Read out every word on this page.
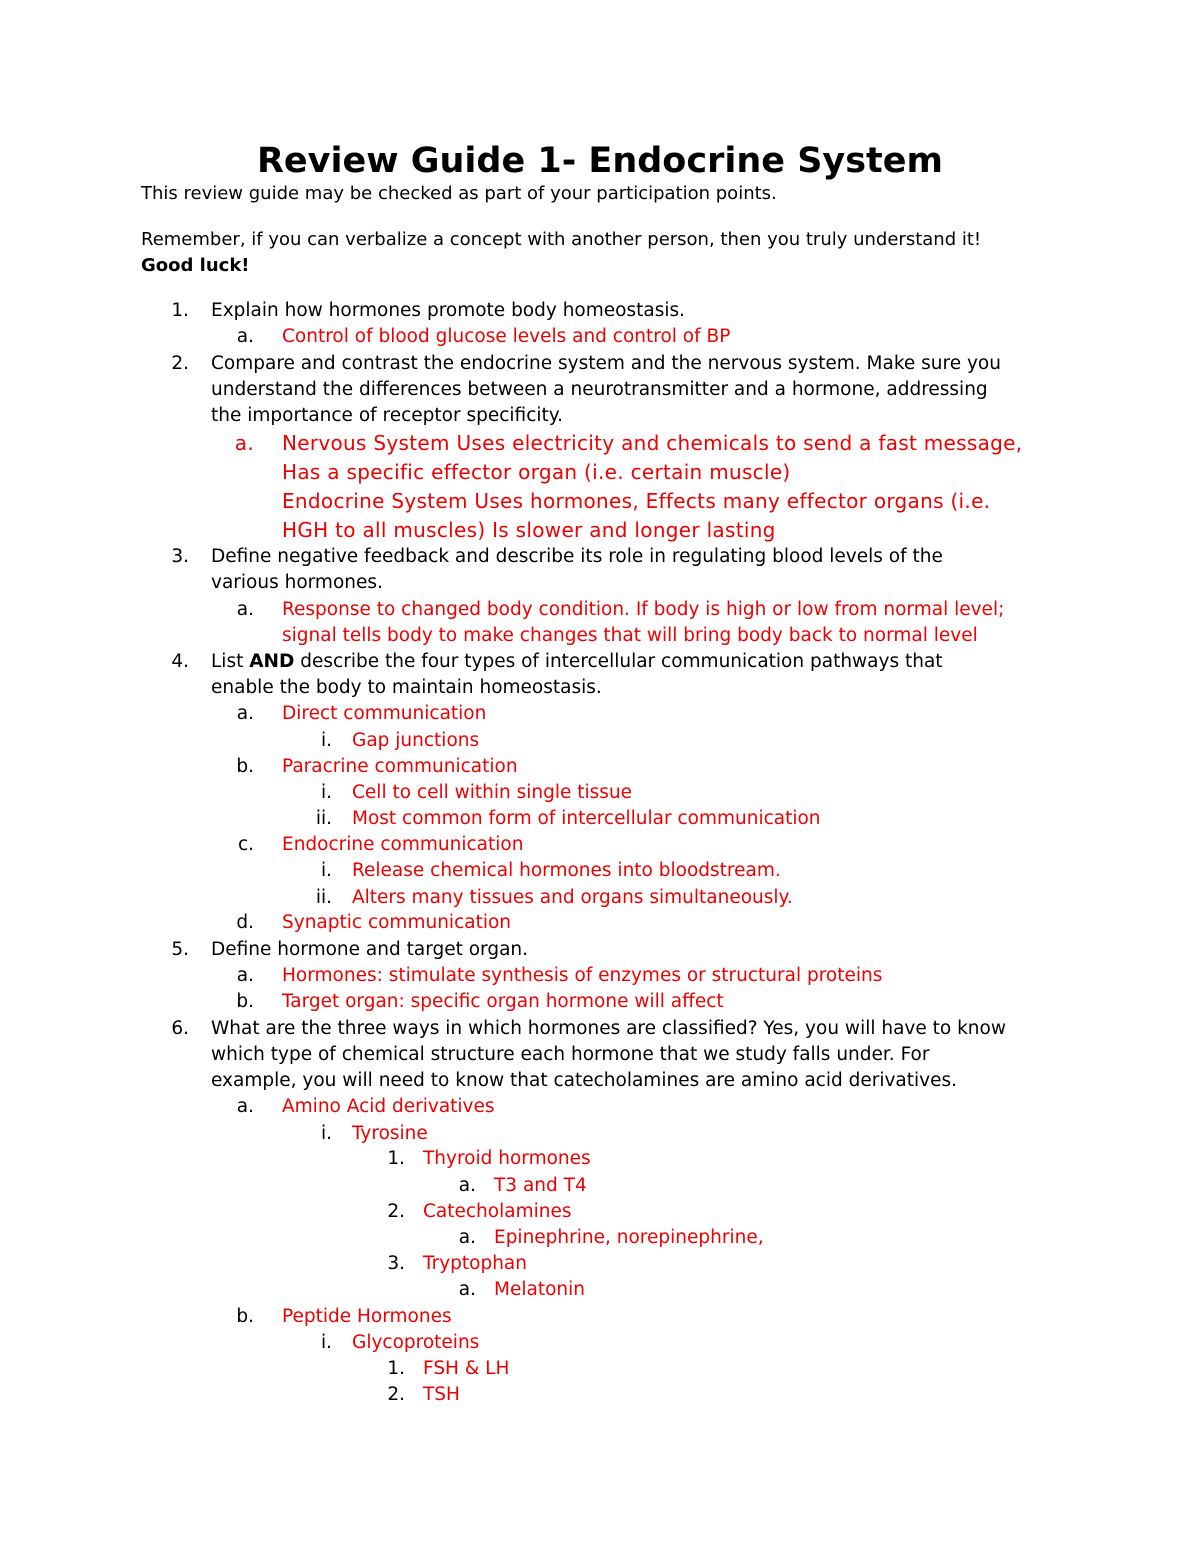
Review Guide 1- Endocrine System

This review guide may be checked as part of your participation points.

Remember, if you can verbalize a concept with another person, then you truly understand it!

Good luck!

1. Explain how hormones promote body homeostasis.
a. Control of blood glucose levels and control of BP
2. Compare and contrast the endocrine system and the nervous system. Make sure you
understand the differences between a neurotransmitter and a hormone, addressing
the importance of receptor specificity.
a. Nervous System Uses electricity and chemicals to send a fast message,
Has a specific effector organ (i.e. certain muscle)
Endocrine System Uses hormones, Effects many effector organs (i.e.
HGH to all muscles) Is slower and longer lasting
3. Define negative feedback and describe its role in regulating blood levels of the
various hormones.
a. Response to changed body condition. If body is high or low from normal level;
signal tells body to make changes that will bring body back to normal level
4. List AND describe the four types of intercellular communication pathways that
enable the body to maintain homeostasis.
a. Direct communication
i. Gap junctions
b. Paracrine communication
i. Cell to cell within single tissue
ii. Most common form of intercellular communication
c. Endocrine communication
i. Release chemical hormones into bloodstream.
ii. Alters many tissues and organs simultaneously.
d. Synaptic communication
5. Define hormone and target organ.
a. Hormones: stimulate synthesis of enzymes or structural proteins
b. Target organ: specific organ hormone will affect
6. What are the three ways in which hormones are classified? Yes, you will have to know
which type of chemical structure each hormone that we study falls under. For
example, you will need to know that catecholamines are amino acid derivatives.
a. Amino Acid derivatives
i. Tyrosine
1. Thyroid hormones
a. T3 and T4
2. Catecholamines
a. Epinephrine, norepinephrine,
3. Tryptophan
a. Melatonin
b. Peptide Hormones
i. Glycoproteins
1. FSH & LH
2. TSH
